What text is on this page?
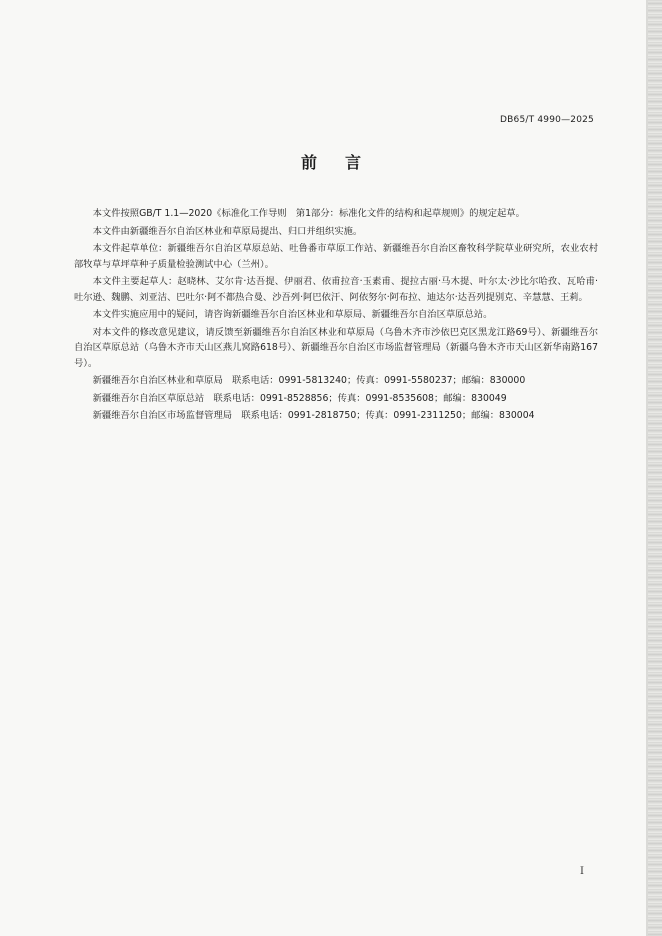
DB65/T 4990—2025
前 言

本文件按照GB/T 1.1—2020《标准化工作导则　第1部分：标准化文件的结构和起草规则》的规定起草。

本文件由新疆维吾尔自治区林业和草原局提出、归口并组织实施。

本文件起草单位：新疆维吾尔自治区草原总站、吐鲁番市草原工作站、新疆维吾尔自治区畜牧科学院草业研究所，农业农村部牧草与草坪草种子质量检验测试中心（兰州）。

本文件主要起草人：赵晓林、艾尔肯·达吾提、伊丽君、依甫拉音·玉素甫、提拉古丽·马木提、叶尔太·沙比尔哈孜、瓦哈甫·吐尔逊、魏鹏、刘亚洁、巴吐尔·阿不都热合曼、沙吾列·阿巴依汗、阿依努尔·阿布拉、迪达尔·达吾列提别克、辛慧慧、王莉。

本文件实施应用中的疑问，请咨询新疆维吾尔自治区林业和草原局、新疆维吾尔自治区草原总站。

对本文件的修改意见建议，请反馈至新疆维吾尔自治区林业和草原局（乌鲁木齐市沙依巴克区黑龙江路69号）、新疆维吾尔自治区草原总站（乌鲁木齐市天山区燕儿窝路618号）、新疆维吾尔自治区市场监督管理局（新疆乌鲁木齐市天山区新华南路167号）。

新疆维吾尔自治区林业和草原局　联系电话：0991-5813240；传真：0991-5580237；邮编：830000

新疆维吾尔自治区草原总站　联系电话：0991-8528856；传真：0991-8535608；邮编：830049

新疆维吾尔自治区市场监督管理局　联系电话：0991-2818750；传真：0991-2311250；邮编：830004

I
